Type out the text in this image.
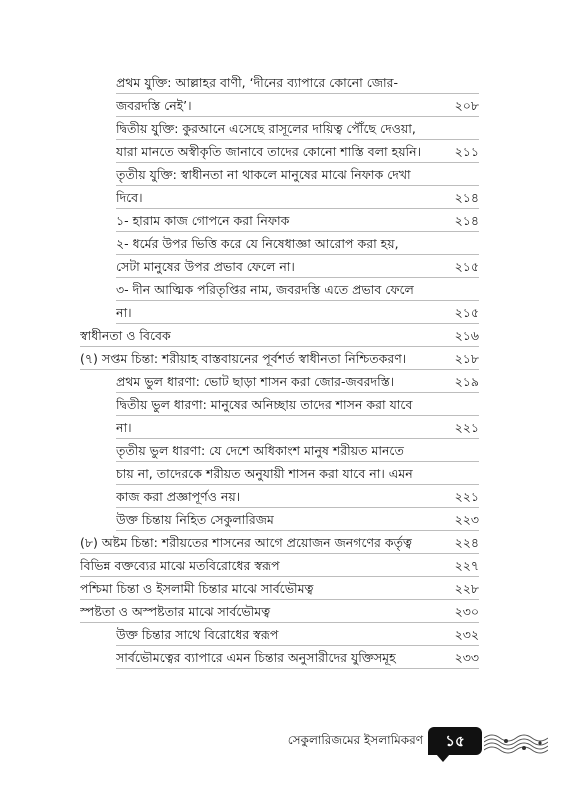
প্রথম যুক্তি: আল্লাহর বাণী, ‘দীনের ব্যাপারে কোনো জোর-
জবরদস্তি নেই’।	২০৮
দ্বিতীয় যুক্তি: কুরআনে এসেছে রাসূলের দায়িত্ব পৌঁছে দেওয়া,
যারা মানতে অস্বীকৃতি জানাবে তাদের কোনো শাস্তি বলা হয়নি।	২১১
তৃতীয় যুক্তি: স্বাধীনতা না থাকলে মানুষের মাঝে নিফাক দেখা
দিবে।	২১৪
১- হারাম কাজ গোপনে করা নিফাক	২১৪
২- ধর্মের উপর ভিত্তি করে যে নিষেধাজ্ঞা আরোপ করা হয়,
সেটা মানুষের উপর প্রভাব ফেলে না।	২১৫
৩- দীন আত্মিক পরিতৃপ্তির নাম, জবরদস্তি এতে প্রভাব ফেলে
না।	২১৫
স্বাধীনতা ও বিবেক	২১৬
(৭) সপ্তম চিন্তা: শরীয়াহ বাস্তবায়নের পূর্বশর্ত স্বাধীনতা নিশ্চিতকরণ।	২১৮
প্রথম ভুল ধারণা: ভোট ছাড়া শাসন করা জোর-জবরদস্তি।	২১৯
দ্বিতীয় ভুল ধারণা: মানুষের অনিচ্ছায় তাদের শাসন করা যাবে
না।	২২১
তৃতীয় ভুল ধারণা: যে দেশে অধিকাংশ মানুষ শরীয়ত মানতে
চায় না, তাদেরকে শরীয়ত অনুযায়ী শাসন করা যাবে না। এমন
কাজ করা প্রজ্ঞাপূর্ণও নয়।	২২১
উক্ত চিন্তায় নিহিত সেকুলারিজম	২২৩
(৮) অষ্টম চিন্তা: শরীয়তের শাসনের আগে প্রয়োজন জনগণের কর্তৃত্ব	২২৪
বিভিন্ন বক্তব্যের মাঝে মতবিরোধের স্বরূপ	২২৭
পশ্চিমা চিন্তা ও ইসলামী চিন্তার মাঝে সার্বভৌমত্ব	২২৮
স্পষ্টতা ও অস্পষ্টতার মাঝে সার্বভৌমত্ব	২৩০
উক্ত চিন্তার সাথে বিরোধের স্বরূপ	২৩২
সার্বভৌমত্বের ব্যাপারে এমন চিন্তার অনুসারীদের যুক্তিসমূহ	২৩৩
সেকুলারিজমের ইসলামিকরণ	১৫
